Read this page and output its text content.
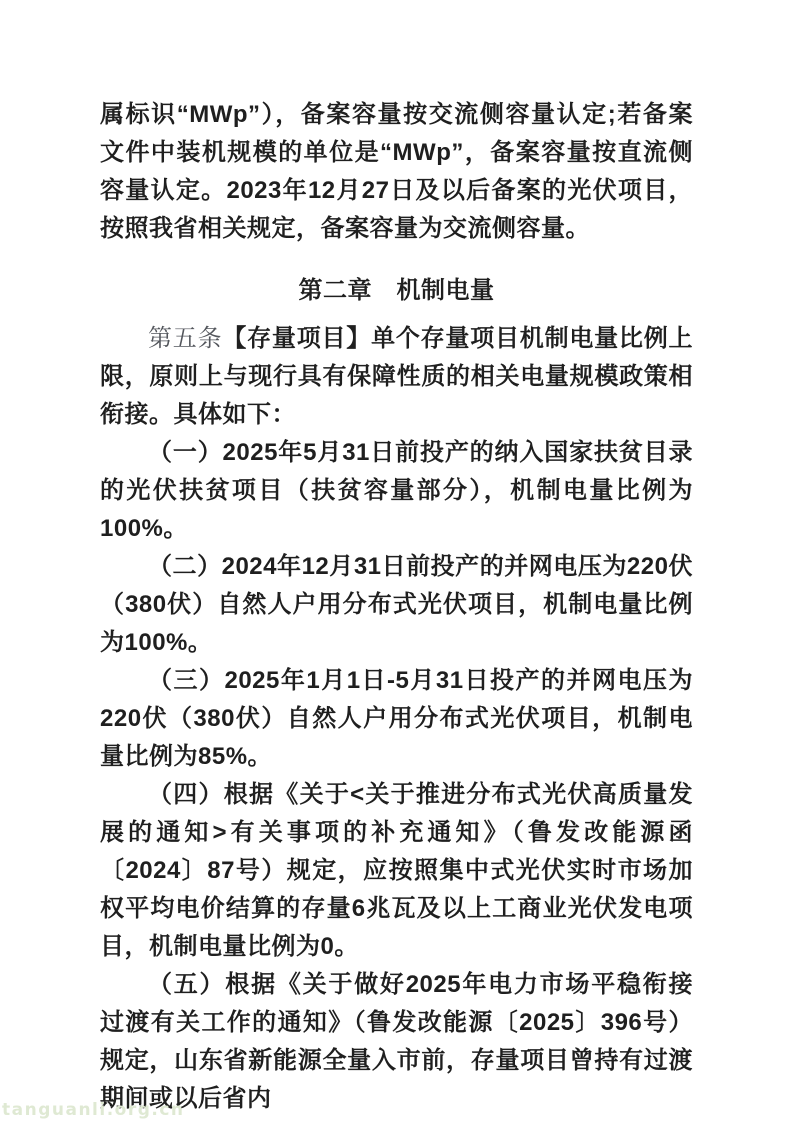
属标识“MWp”），备案容量按交流侧容量认定;若备案文件中装机规模的单位是“MWp”，备案容量按直流侧容量认定。2023年12月27日及以后备案的光伏项目，按照我省相关规定，备案容量为交流侧容量。

第二章　机制电量

第五条【存量项目】单个存量项目机制电量比例上限，原则上与现行具有保障性质的相关电量规模政策相衔接。具体如下：

（一）2025年5月31日前投产的纳入国家扶贫目录的光伏扶贫项目（扶贫容量部分），机制电量比例为100%。

（二）2024年12月31日前投产的并网电压为220伏（380伏）自然人户用分布式光伏项目，机制电量比例为100%。

（三）2025年1月1日-5月31日投产的并网电压为220伏（380伏）自然人户用分布式光伏项目，机制电量比例为85%。

（四）根据《关于<关于推进分布式光伏高质量发展的通知>有关事项的补充通知》（鲁发改能源函〔2024〕87号）规定，应按照集中式光伏实时市场加权平均电价结算的存量6兆瓦及以上工商业光伏发电项目，机制电量比例为0。

（五）根据《关于做好2025年电力市场平稳衔接过渡有关工作的通知》（鲁发改能源〔2025〕396号）规定，山东省新能源全量入市前，存量项目曾持有过渡期间或以后省内

tanguanli.org.cn
